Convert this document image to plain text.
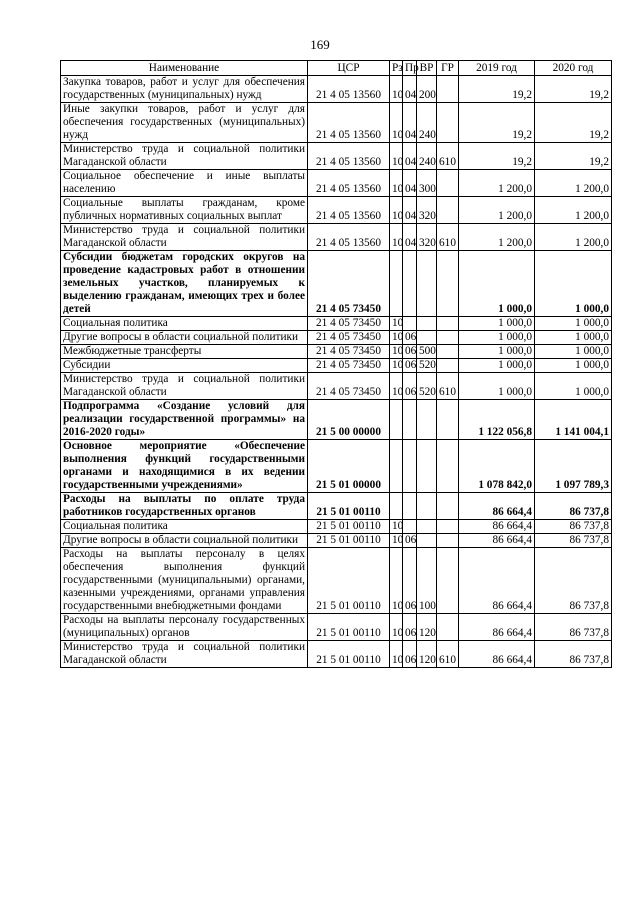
169
Наименование	ЦСР	Рз	Пр	ВР	ГР	2019 год	2020 год
Закупка товаров, работ и услуг для обеспечения государственных (муниципальных) нужд	21 4 05 13560	10	04	200		19,2	19,2
Иные закупки товаров, работ и услуг для обеспечения государственных (муниципальных) нужд	21 4 05 13560	10	04	240		19,2	19,2
Министерство труда и социальной политики Магаданской области	21 4 05 13560	10	04	240	610	19,2	19,2
Социальное обеспечение и иные выплаты населению	21 4 05 13560	10	04	300		1 200,0	1 200,0
Социальные выплаты гражданам, кроме публичных нормативных социальных выплат	21 4 05 13560	10	04	320		1 200,0	1 200,0
Министерство труда и социальной политики Магаданской области	21 4 05 13560	10	04	320	610	1 200,0	1 200,0
Субсидии бюджетам городских округов на проведение кадастровых работ в отношении земельных участков, планируемых к выделению гражданам, имеющих трех и более детей	21 4 05 73450					1 000,0	1 000,0
Социальная политика	21 4 05 73450	10				1 000,0	1 000,0
Другие вопросы в области социальной политики	21 4 05 73450	10	06			1 000,0	1 000,0
Межбюджетные трансферты	21 4 05 73450	10	06	500		1 000,0	1 000,0
Субсидии	21 4 05 73450	10	06	520		1 000,0	1 000,0
Министерство труда и социальной политики Магаданской области	21 4 05 73450	10	06	520	610	1 000,0	1 000,0
Подпрограмма «Создание условий для реализации государственной программы» на 2016-2020 годы»	21 5 00 00000					1 122 056,8	1 141 004,1
Основное мероприятие «Обеспечение выполнения функций государственными органами и находящимися в их ведении государственными учреждениями»	21 5 01 00000					1 078 842,0	1 097 789,3
Расходы на выплаты по оплате труда работников государственных органов	21 5 01 00110					86 664,4	86 737,8
Социальная политика	21 5 01 00110	10				86 664,4	86 737,8
Другие вопросы в области социальной политики	21 5 01 00110	10	06			86 664,4	86 737,8
Расходы на выплаты персоналу в целях обеспечения выполнения функций государственными (муниципальными) органами, казенными учреждениями, органами управления государственными внебюджетными фондами	21 5 01 00110	10	06	100		86 664,4	86 737,8
Расходы на выплаты персоналу государственных (муниципальных) органов	21 5 01 00110	10	06	120		86 664,4	86 737,8
Министерство труда и социальной политики Магаданской области	21 5 01 00110	10	06	120	610	86 664,4	86 737,8
